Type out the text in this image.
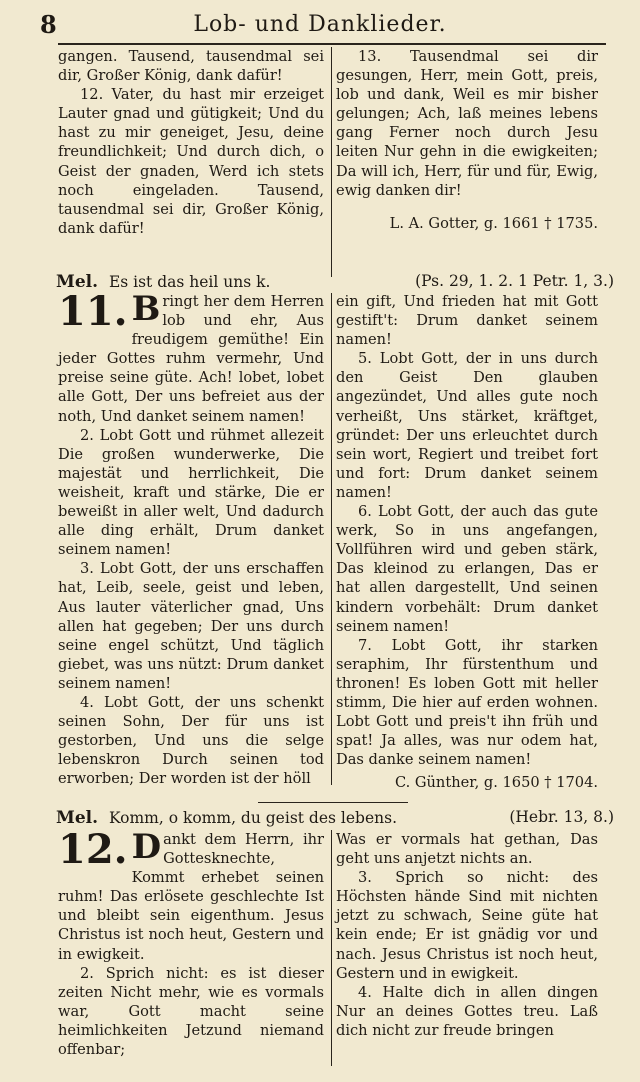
8	Lob- und Danklieder.

gangen. Tausend, tausendmal sei dir, Großer König, dank dafür!

12. Vater, du hast mir erzeiget Lauter gnad und gütigkeit; Und du hast zu mir geneiget, Jesu, deine freundlichkeit; Und durch dich, o Geist der gnaden, Werd ich stets noch eingeladen. Tausend, tausendmal sei dir, Großer König, dank dafür!

13. Tausendmal sei dir gesungen, Herr, mein Gott, preis, lob und dank, Weil es mir bisher gelungen; Ach, laß meines lebens gang Ferner noch durch Jesu leiten Nur gehn in die ewigkeiten; Da will ich, Herr, für und für, Ewig, ewig danken dir!

L. A. Gotter, g. 1661 † 1735.

Mel. Es ist das heil uns k.	(Ps. 29, 1. 2. 1 Petr. 1, 3.)

11. B ringt her dem Herren lob und ehr, Aus freudigem gemüthe! Ein jeder Gottes ruhm vermehr, Und preise seine güte. Ach! lobet, lobet alle Gott, Der uns befreiet aus der noth, Und danket seinem namen!

2. Lobt Gott und rühmet allezeit Die großen wunderwerke, Die majestät und herrlichkeit, Die weisheit, kraft und stärke, Die er beweißt in aller welt, Und dadurch alle ding erhält, Drum danket seinem namen!

3. Lobt Gott, der uns erschaffen hat, Leib, seele, geist und leben, Aus lauter väterlicher gnad, Uns allen hat gegeben; Der uns durch seine engel schützt, Und täglich giebet, was uns nützt: Drum danket seinem namen!

4. Lobt Gott, der uns schenkt seinen Sohn, Der für uns ist gestorben, Und uns die selge lebenskron Durch seinen tod erworben; Der worden ist der höll

ein gift, Und frieden hat mit Gott gestift't: Drum danket seinem namen!

5. Lobt Gott, der in uns durch den Geist Den glauben angezündet, Und alles gute noch verheißt, Uns stärket, kräftget, gründet: Der uns erleuchtet durch sein wort, Regiert und treibet fort und fort: Drum danket seinem namen!

6. Lobt Gott, der auch das gute werk, So in uns angefangen, Vollführen wird und geben stärk, Das kleinod zu erlangen, Das er hat allen dargestellt, Und seinen kindern vorbehält: Drum danket seinem namen!

7. Lobt Gott, ihr starken seraphim, Ihr fürstenthum und thronen! Es loben Gott mit heller stimm, Die hier auf erden wohnen. Lobt Gott und preis't ihn früh und spat! Ja alles, was nur odem hat, Das danke seinem namen!

C. Günther, g. 1650 † 1704.

Mel. Komm, o komm, du geist des lebens.	(Hebr. 13, 8.)

12. D ankt dem Herrn, ihr Gottesknechte, Kommt erhebet seinen ruhm! Das erlösete geschlechte Ist und bleibt sein eigenthum. Jesus Christus ist noch heut, Gestern und in ewigkeit.

2. Sprich nicht: es ist dieser zeiten Nicht mehr, wie es vormals war, Gott macht seine heimlichkeiten Jetzund niemand offenbar;

Was er vormals hat gethan, Das geht uns anjetzt nichts an.

3. Sprich so nicht: des Höchsten hände Sind mit nichten jetzt zu schwach, Seine güte hat kein ende; Er ist gnädig vor und nach. Jesus Christus ist noch heut, Gestern und in ewigkeit.

4. Halte dich in allen dingen Nur an deines Gottes treu. Laß dich nicht zur freude bringen
